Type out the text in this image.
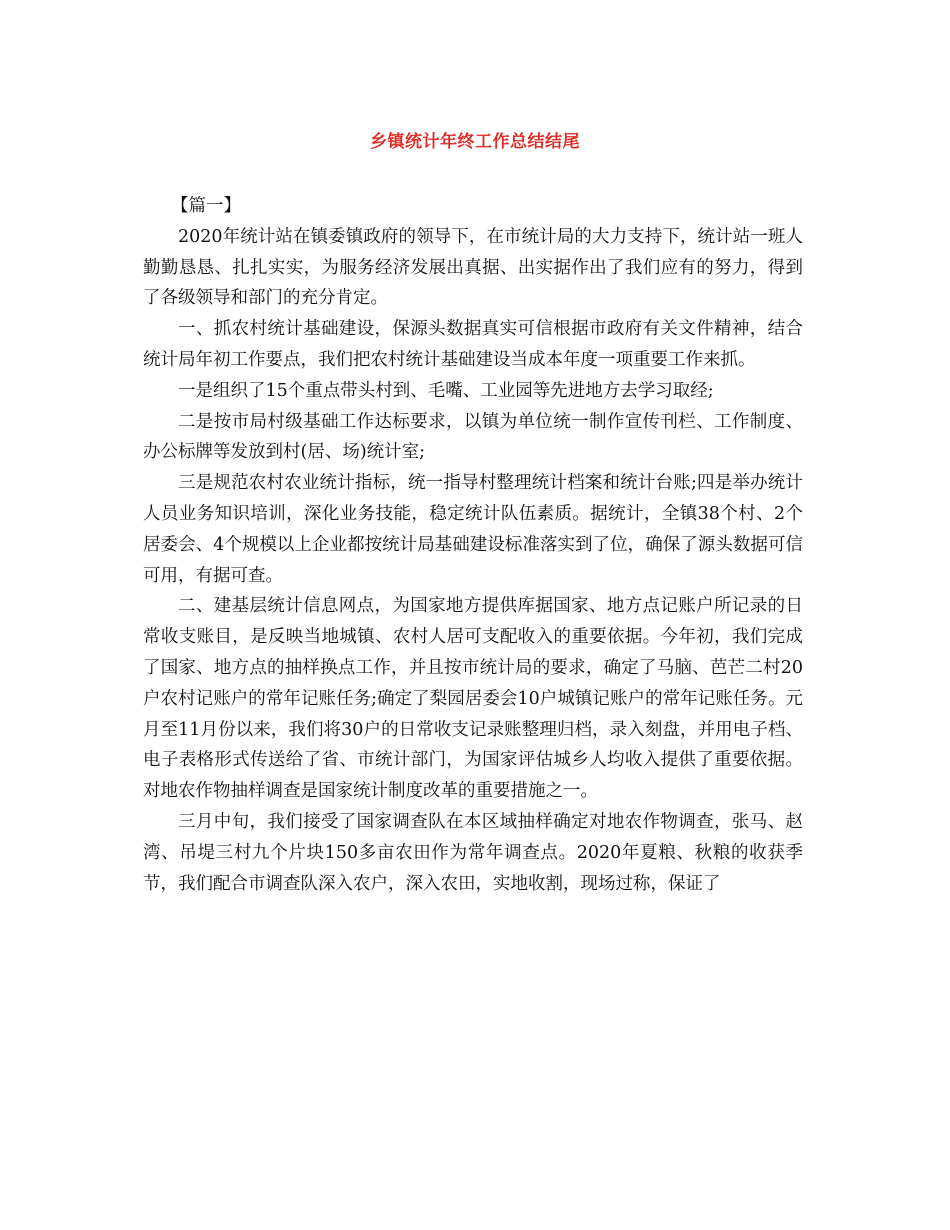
乡镇统计年终工作总结结尾

【篇一】

2020年统计站在镇委镇政府的领导下，在市统计局的大力支持下，统计站一班人勤勤恳恳、扎扎实实，为服务经济发展出真据、出实据作出了我们应有的努力，得到了各级领导和部门的充分肯定。

一、抓农村统计基础建设，保源头数据真实可信根据市政府有关文件精神，结合统计局年初工作要点，我们把农村统计基础建设当成本年度一项重要工作来抓。

一是组织了15个重点带头村到、毛嘴、工业园等先进地方去学习取经;

二是按市局村级基础工作达标要求，以镇为单位统一制作宣传刊栏、工作制度、办公标牌等发放到村(居、场)统计室;

三是规范农村农业统计指标，统一指导村整理统计档案和统计台账;四是举办统计人员业务知识培训，深化业务技能，稳定统计队伍素质。据统计，全镇38个村、2个居委会、4个规模以上企业都按统计局基础建设标准落实到了位，确保了源头数据可信可用，有据可查。

二、建基层统计信息网点，为国家地方提供库据国家、地方点记账户所记录的日常收支账目，是反映当地城镇、农村人居可支配收入的重要依据。今年初，我们完成了国家、地方点的抽样换点工作，并且按市统计局的要求，确定了马脑、芭芒二村20户农村记账户的常年记账任务;确定了梨园居委会10户城镇记账户的常年记账任务。元月至11月份以来，我们将30户的日常收支记录账整理归档，录入刻盘，并用电子档、电子表格形式传送给了省、市统计部门，为国家评估城乡人均收入提供了重要依据。对地农作物抽样调查是国家统计制度改革的重要措施之一。

三月中旬，我们接受了国家调查队在本区域抽样确定对地农作物调查，张马、赵湾、吊堤三村九个片块150多亩农田作为常年调查点。2020年夏粮、秋粮的收获季节，我们配合市调查队深入农户，深入农田，实地收割，现场过称，保证了
